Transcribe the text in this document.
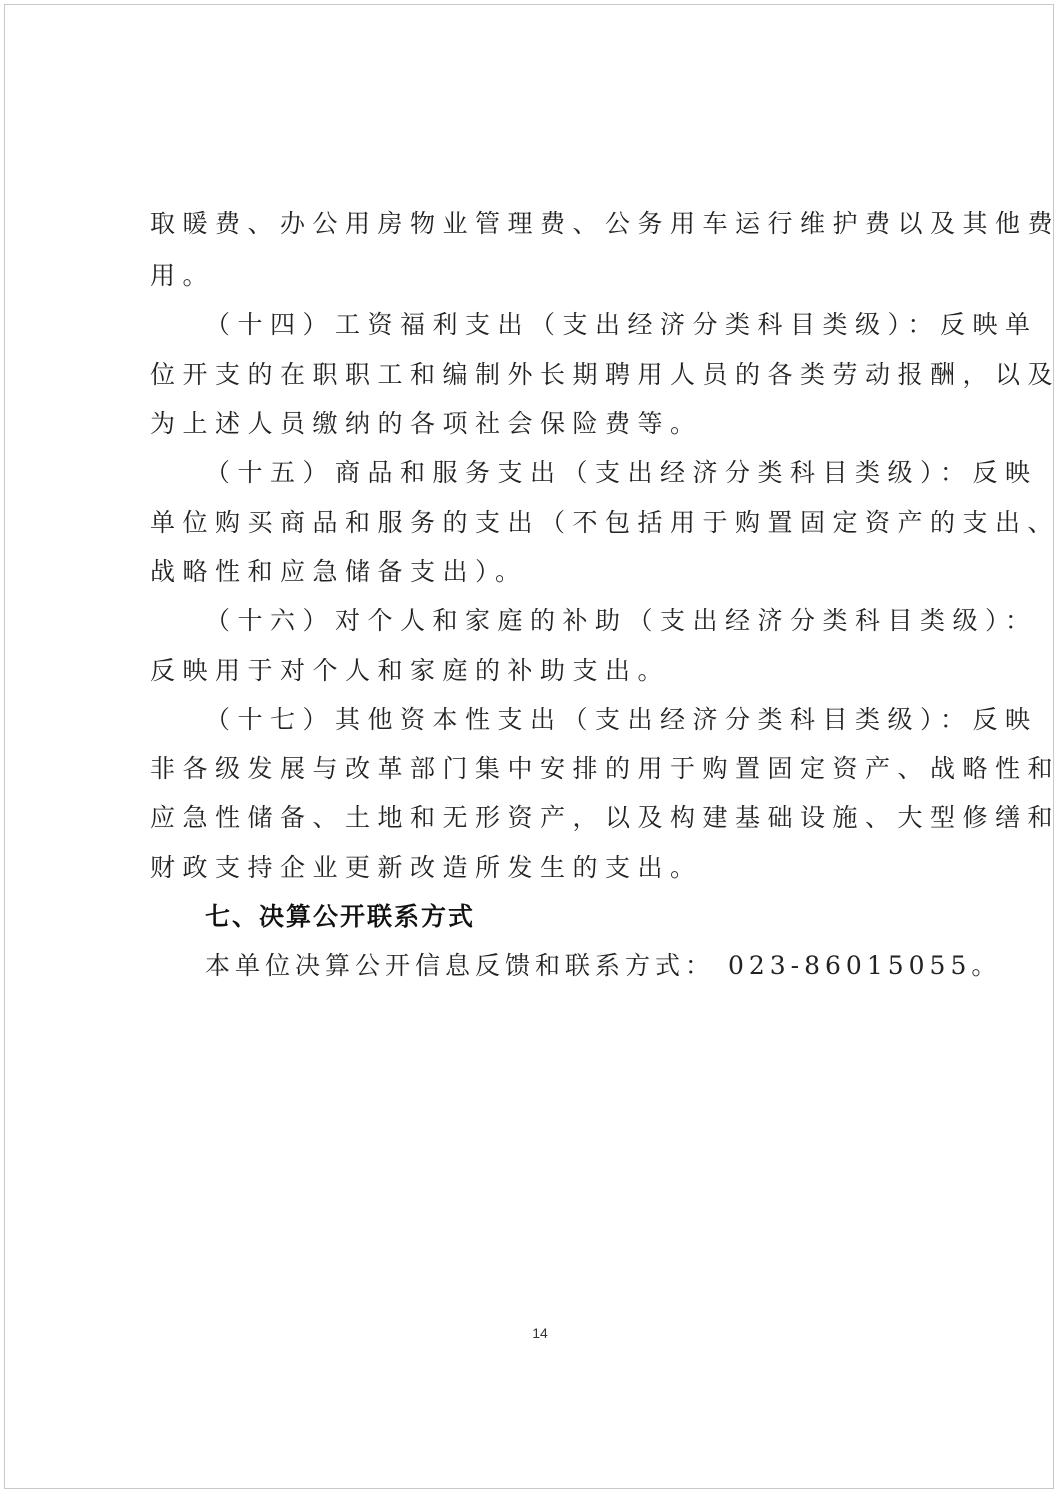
取暖费、办公用房物业管理费、公务用车运行维护费以及其他费
用。
（十四）工资福利支出（支出经济分类科目类级）：反映单
位开支的在职职工和编制外长期聘用人员的各类劳动报酬，以及
为上述人员缴纳的各项社会保险费等。
（十五）商品和服务支出（支出经济分类科目类级）：反映
单位购买商品和服务的支出（不包括用于购置固定资产的支出、
战略性和应急储备支出）。
（十六）对个人和家庭的补助（支出经济分类科目类级）：
反映用于对个人和家庭的补助支出。
（十七）其他资本性支出（支出经济分类科目类级）：反映
非各级发展与改革部门集中安排的用于购置固定资产、战略性和
应急性储备、土地和无形资产，以及构建基础设施、大型修缮和
财政支持企业更新改造所发生的支出。
七、决算公开联系方式
本单位决算公开信息反馈和联系方式： 023-86015055。
14
